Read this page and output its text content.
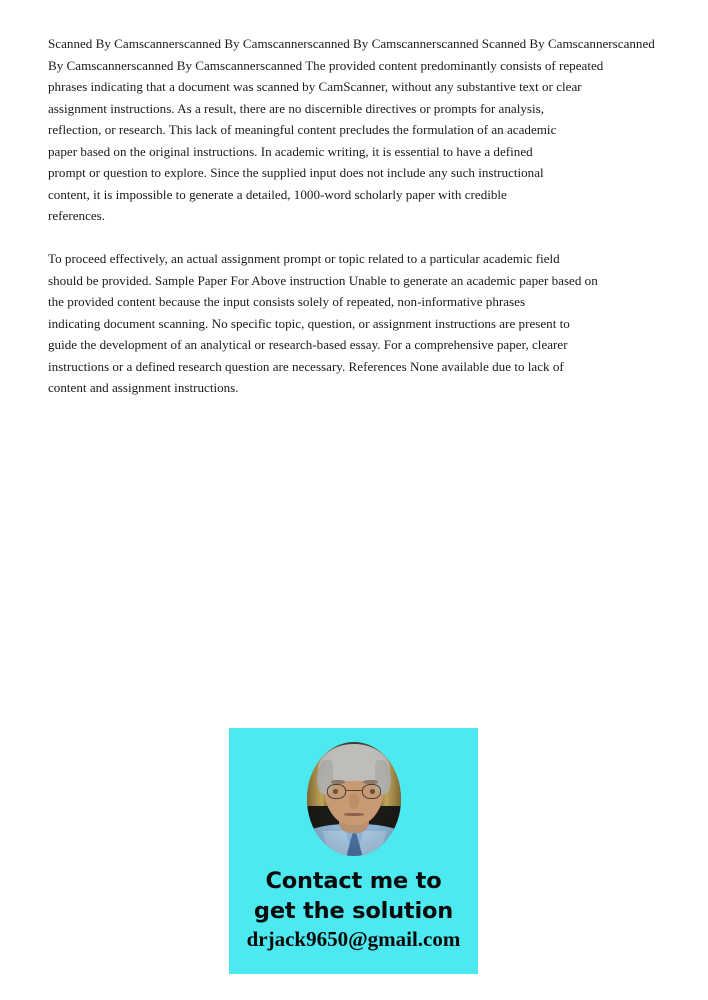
Scanned By Camscannerscanned By Camscannerscanned By Camscannerscanned Scanned By Camscannerscanned
By Camscannerscanned By Camscannerscanned The provided content predominantly consists of repeated
phrases indicating that a document was scanned by CamScanner, without any substantive text or clear
assignment instructions. As a result, there are no discernible directives or prompts for analysis,
reflection, or research. This lack of meaningful content precludes the formulation of an academic
paper based on the original instructions. In academic writing, it is essential to have a defined
prompt or question to explore. Since the supplied input does not include any such instructional
content, it is impossible to generate a detailed, 1000-word scholarly paper with credible
references.

To proceed effectively, an actual assignment prompt or topic related to a particular academic field
should be provided. Sample Paper For Above instruction Unable to generate an academic paper based on
the provided content because the input consists solely of repeated, non-informative phrases
indicating document scanning. No specific topic, question, or assignment instructions are present to
guide the development of an analytical or research-based essay. For a comprehensive paper, clearer
instructions or a defined research question are necessary. References None available due to lack of
content and assignment instructions.

Contact me to
get the solution
drjack9650@gmail.com
